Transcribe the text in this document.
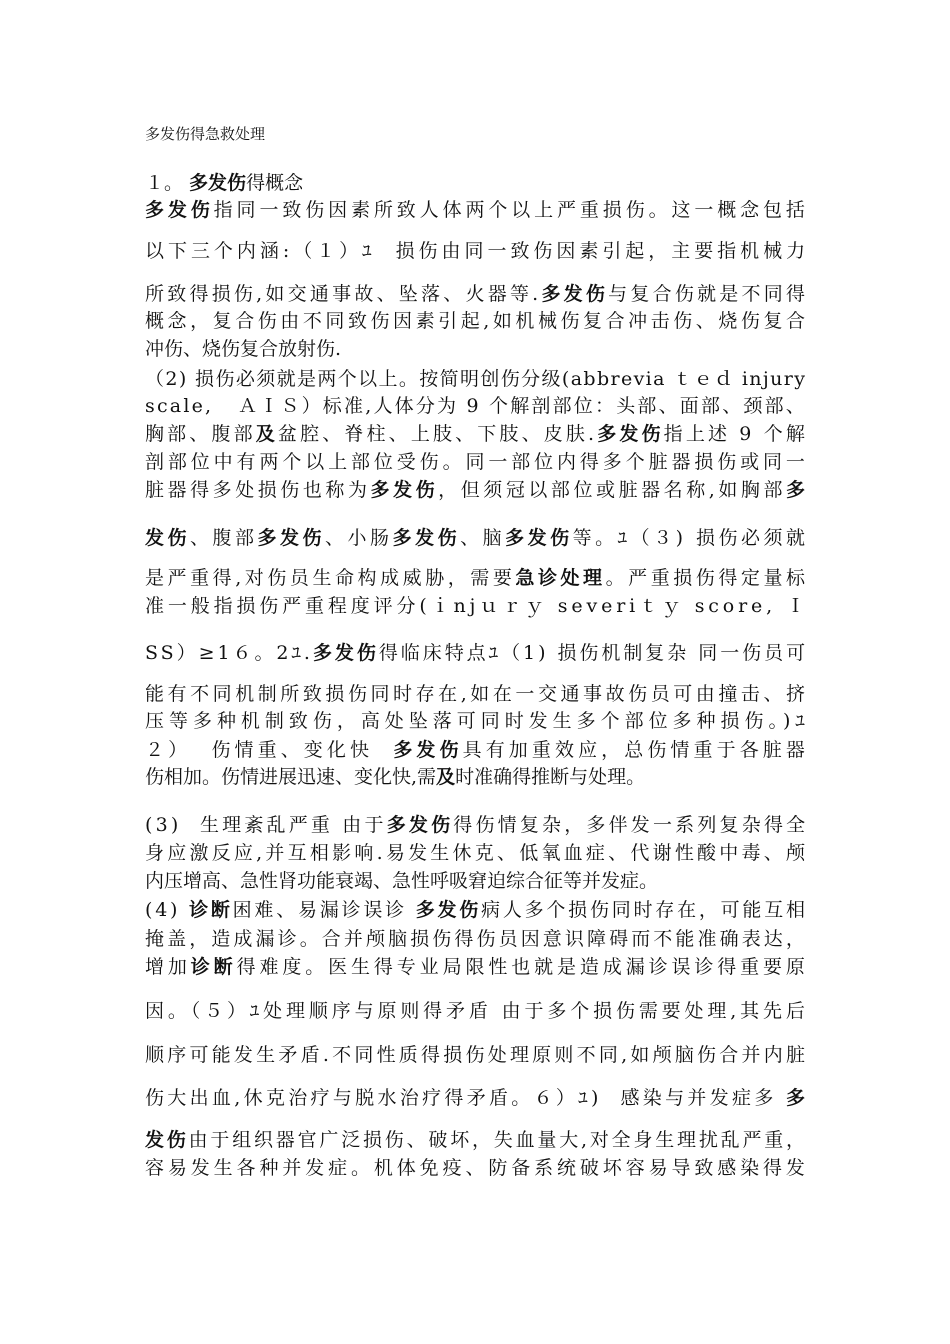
多发伤得急救处理
１。 多发伤得概念
多发伤指同一致伤因素所致人体两个以上严重损伤。这一概念包括
以下三个内涵:（１）ﾕ  损伤由同一致伤因素引起，主要指机械力
所致得损伤,如交通事故、坠落、火器等.多发伤与复合伤就是不同得
概念，复合伤由不同致伤因素引起,如机械伤复合冲击伤、烧伤复合
冲伤、烧伤复合放射伤.
（2) 损伤必须就是两个以上。按简明创伤分级(abbrevia ｔｅｄ injury
scale,   ＡＩＳ）标准,人体分为 9 个解剖部位：头部、面部、颈部、
胸部、腹部及盆腔、脊柱、上肢、下肢、皮肤.多发伤指上述 9 个解
剖部位中有两个以上部位受伤。同一部位内得多个脏器损伤或同一
脏器得多处损伤也称为多发伤，但须冠以部位或脏器名称,如胸部多
发伤、腹部多发伤、小肠多发伤、脑多发伤等。ﾕ（３) 损伤必须就
是严重得,对伤员生命构成威胁，需要急诊处理。严重损伤得定量标
准一般指损伤严重程度评分(ｉnjｕｒｙ severiｔｙ score, Ｉ
SS）≥1６。2ﾕ.多发伤得临床特点ﾕ（1) 损伤机制复杂 同一伤员可
能有不同机制所致损伤同时存在,如在一交通事故伤员可由撞击、挤
压等多种机制致伤，高处坠落可同时发生多个部位多种损伤。)ﾕ
２）  伤情重、变化快  多发伤具有加重效应，总伤情重于各脏器
伤相加。伤情进展迅速、变化快,需及时准确得推断与处理。
(3)  生理紊乱严重 由于多发伤得伤情复杂，多伴发一系列复杂得全
身应激反应,并互相影响.易发生休克、低氧血症、代谢性酸中毒、颅
内压增高、急性肾功能衰竭、急性呼吸窘迫综合征等并发症。
(4) 诊断困难、易漏诊误诊 多发伤病人多个损伤同时存在，可能互相
掩盖，造成漏诊。合并颅脑损伤得伤员因意识障碍而不能准确表达，
增加诊断得难度。医生得专业局限性也就是造成漏诊误诊得重要原
因。（５）ﾕ处理顺序与原则得矛盾 由于多个损伤需要处理,其先后
顺序可能发生矛盾.不同性质得损伤处理原则不同,如颅脑伤合并内脏
伤大出血,休克治疗与脱水治疗得矛盾。６）ﾕ)  感染与并发症多 多
发伤由于组织器官广泛损伤、破坏，失血量大,对全身生理扰乱严重，
容易发生各种并发症。机体免疫、防备系统破坏容易导致感染得发
